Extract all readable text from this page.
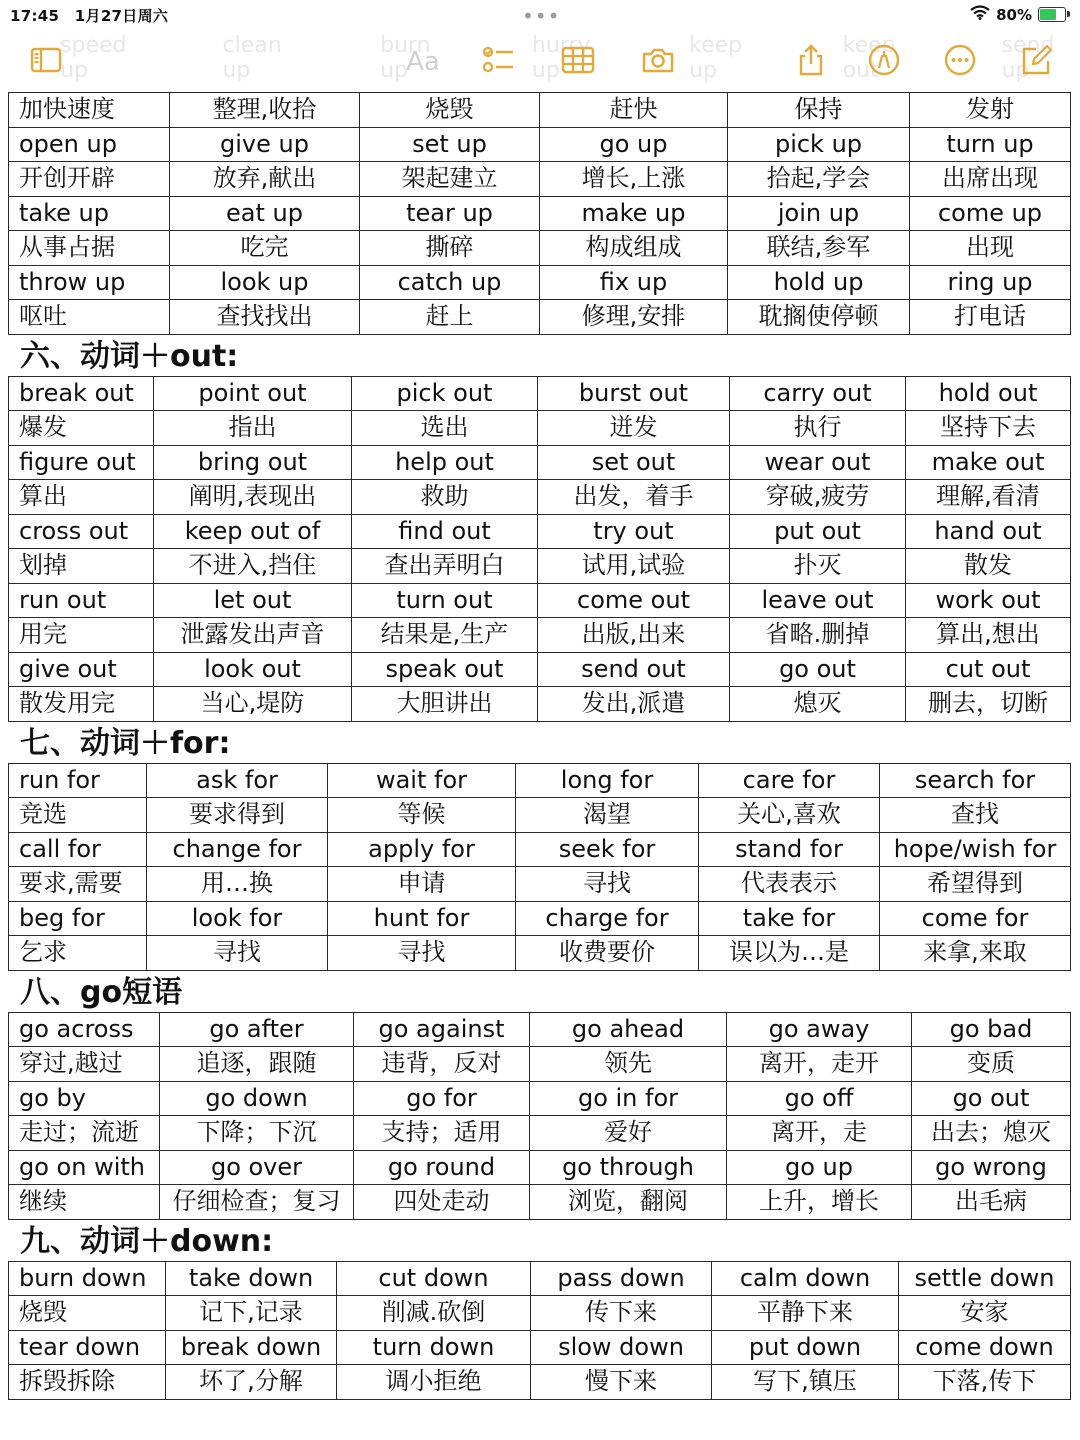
17:45 1月27日周六	•••	80%
speed up
clean up
burn up
hurry up
keep up
keep out
send up
Aa
加快速度	整理,收拾	烧毁	赶快	保持	发射
open up	give up	set up	go up	pick up	turn up
开创开辟	放弃,献出	架起建立	增长,上涨	拾起,学会	出席出现
take up	eat up	tear up	make up	join up	come up
从事占据	吃完	撕碎	构成组成	联结,参军	出现
throw up	look up	catch up	fix up	hold up	ring up
呕吐	查找找出	赶上	修理,安排	耽搁使停顿	打电话
六、动词＋out:
break out	point out	pick out	burst out	carry out	hold out
爆发	指出	选出	迸发	执行	坚持下去
figure out	bring out	help out	set out	wear out	make out
算出	阐明,表现出	救助	出发，着手	穿破,疲劳	理解,看清
cross out	keep out of	find out	try out	put out	hand out
划掉	不进入,挡住	查出弄明白	试用,试验	扑灭	散发
run out	let out	turn out	come out	leave out	work out
用完	泄露发出声音	结果是,生产	出版,出来	省略.删掉	算出,想出
give out	look out	speak out	send out	go out	cut out
散发用完	当心,堤防	大胆讲出	发出,派遣	熄灭	删去，切断
七、动词＋for:
run for	ask for	wait for	long for	care for	search for
竞选	要求得到	等候	渴望	关心,喜欢	查找
call for	change for	apply for	seek for	stand for	hope/wish for
要求,需要	用…换	申请	寻找	代表表示	希望得到
beg for	look for	hunt for	charge for	take for	come for
乞求	寻找	寻找	收费要价	误以为…是	来拿,来取
八、go短语
go across	go after	go against	go ahead	go away	go bad
穿过,越过	追逐，跟随	违背，反对	领先	离开，走开	变质
go by	go down	go for	go in for	go off	go out
走过；流逝	下降；下沉	支持；适用	爱好	离开，走	出去；熄灭
go on with	go over	go round	go through	go up	go wrong
继续	仔细检查；复习	四处走动	浏览，翻阅	上升，增长	出毛病
九、动词＋down:
burn down	take down	cut down	pass down	calm down	settle down
烧毁	记下,记录	削减.砍倒	传下来	平静下来	安家
tear down	break down	turn down	slow down	put down	come down
拆毁拆除	坏了,分解	调小拒绝	慢下来	写下,镇压	下落,传下
